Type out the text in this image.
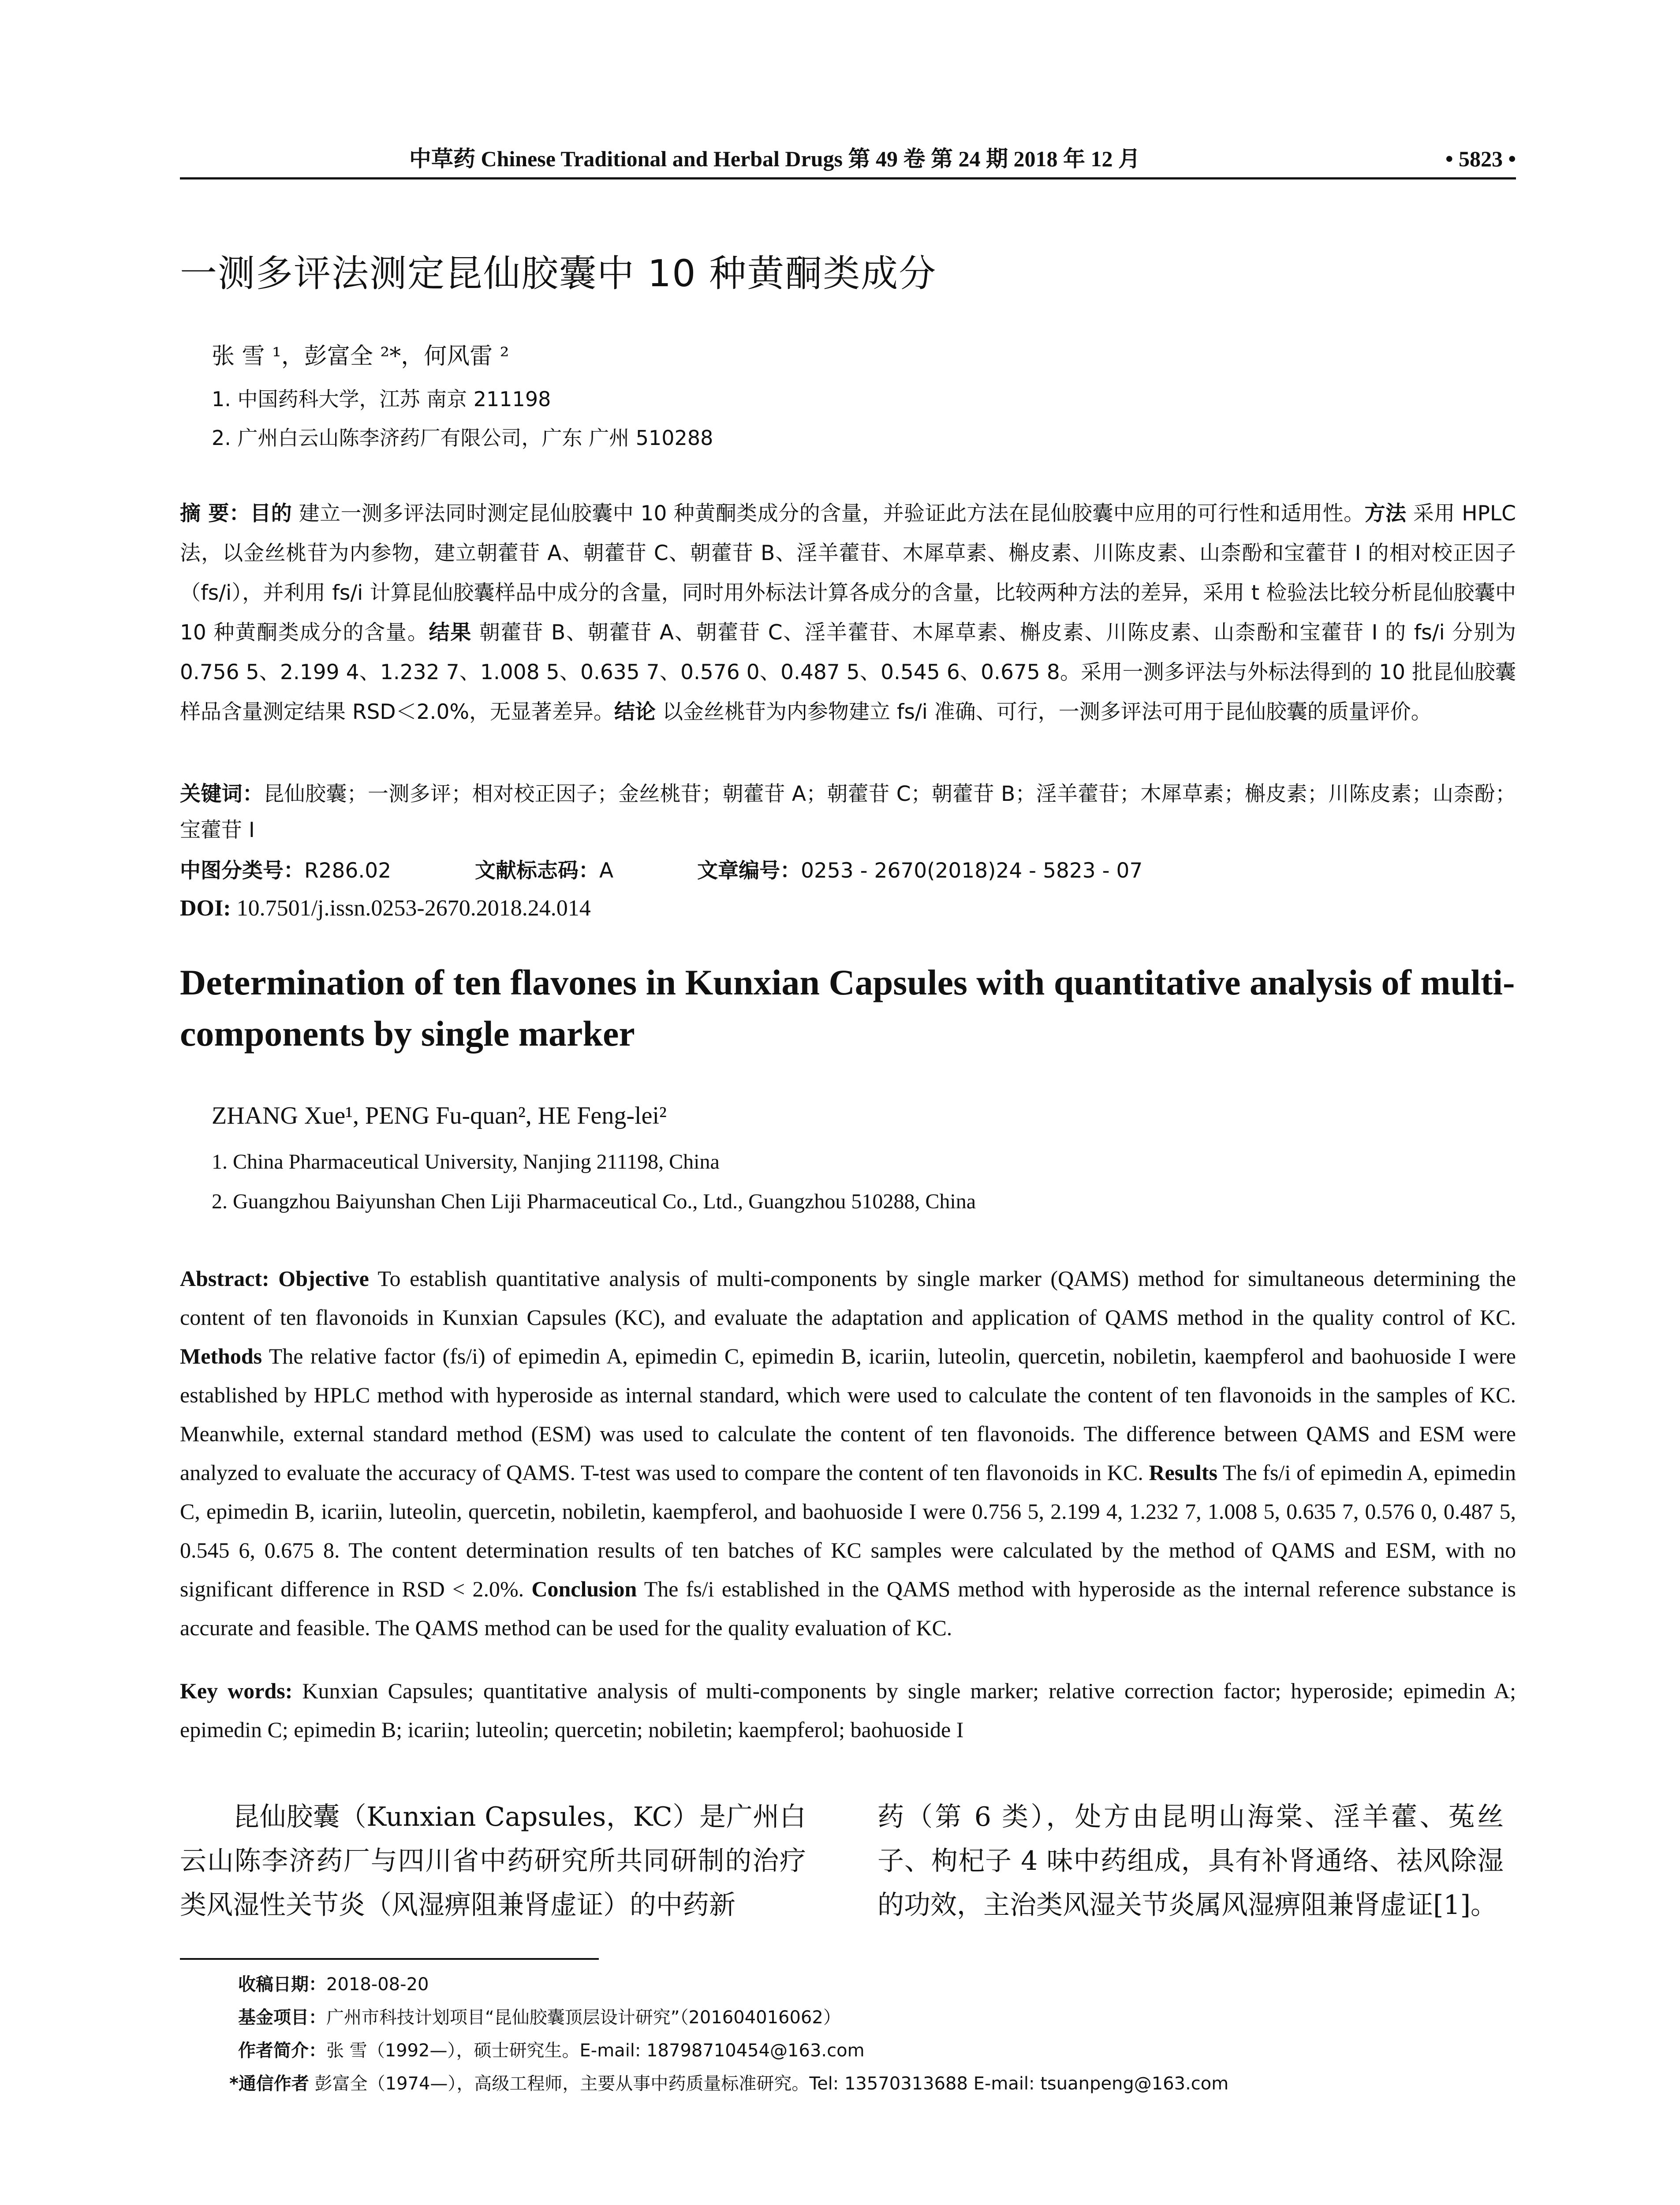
中草药 Chinese Traditional and Herbal Drugs 第 49 卷 第 24 期 2018 年 12 月	• 5823 •
一测多评法测定昆仙胶囊中 10 种黄酮类成分
张 雪 ¹，彭富全 ²*，何风雷 ²
1. 中国药科大学，江苏 南京 211198
2. 广州白云山陈李济药厂有限公司，广东 广州 510288
摘 要：目的 建立一测多评法同时测定昆仙胶囊中 10 种黄酮类成分的含量，并验证此方法在昆仙胶囊中应用的可行性和适用性。方法 采用 HPLC 法，以金丝桃苷为内参物，建立朝藿苷 A、朝藿苷 C、朝藿苷 B、淫羊藿苷、木犀草素、槲皮素、川陈皮素、山柰酚和宝藿苷 I 的相对校正因子（fs/i），并利用 fs/i 计算昆仙胶囊样品中成分的含量，同时用外标法计算各成分的含量，比较两种方法的差异，采用 t 检验法比较分析昆仙胶囊中 10 种黄酮类成分的含量。结果 朝藿苷 B、朝藿苷 A、朝藿苷 C、淫羊藿苷、木犀草素、槲皮素、川陈皮素、山柰酚和宝藿苷 I 的 fs/i 分别为 0.756 5、2.199 4、1.232 7、1.008 5、0.635 7、0.576 0、0.487 5、0.545 6、0.675 8。采用一测多评法与外标法得到的 10 批昆仙胶囊样品含量测定结果 RSD＜2.0%，无显著差异。结论 以金丝桃苷为内参物建立 fs/i 准确、可行，一测多评法可用于昆仙胶囊的质量评价。
关键词：昆仙胶囊；一测多评；相对校正因子；金丝桃苷；朝藿苷 A；朝藿苷 C；朝藿苷 B；淫羊藿苷；木犀草素；槲皮素；川陈皮素；山柰酚；宝藿苷 I
中图分类号：R286.02	文献标志码：A	文章编号：0253 - 2670(2018)24 - 5823 - 07
DOI: 10.7501/j.issn.0253-2670.2018.24.014
Determination of ten flavones in Kunxian Capsules with quantitative analysis of multi-components by single marker
ZHANG Xue¹, PENG Fu-quan², HE Feng-lei²
1. China Pharmaceutical University, Nanjing 211198, China
2. Guangzhou Baiyunshan Chen Liji Pharmaceutical Co., Ltd., Guangzhou 510288, China
Abstract: Objective To establish quantitative analysis of multi-components by single marker (QAMS) method for simultaneous determining the content of ten flavonoids in Kunxian Capsules (KC), and evaluate the adaptation and application of QAMS method in the quality control of KC. Methods The relative factor (fs/i) of epimedin A, epimedin C, epimedin B, icariin, luteolin, quercetin, nobiletin, kaempferol and baohuoside I were established by HPLC method with hyperoside as internal standard, which were used to calculate the content of ten flavonoids in the samples of KC. Meanwhile, external standard method (ESM) was used to calculate the content of ten flavonoids. The difference between QAMS and ESM were analyzed to evaluate the accuracy of QAMS. T-test was used to compare the content of ten flavonoids in KC. Results The fs/i of epimedin A, epimedin C, epimedin B, icariin, luteolin, quercetin, nobiletin, kaempferol, and baohuoside I were 0.756 5, 2.199 4, 1.232 7, 1.008 5, 0.635 7, 0.576 0, 0.487 5, 0.545 6, 0.675 8. The content determination results of ten batches of KC samples were calculated by the method of QAMS and ESM, with no significant difference in RSD < 2.0%. Conclusion The fs/i established in the QAMS method with hyperoside as the internal reference substance is accurate and feasible. The QAMS method can be used for the quality evaluation of KC.
Key words: Kunxian Capsules; quantitative analysis of multi-components by single marker; relative correction factor; hyperoside; epimedin A; epimedin C; epimedin B; icariin; luteolin; quercetin; nobiletin; kaempferol; baohuoside I
昆仙胶囊（Kunxian Capsules，KC）是广州白云山陈李济药厂与四川省中药研究所共同研制的治疗类风湿性关节炎（风湿痹阻兼肾虚证）的中药新
药（第 6 类），处方由昆明山海棠、淫羊藿、菟丝子、枸杞子 4 味中药组成，具有补肾通络、祛风除湿的功效，主治类风湿关节炎属风湿痹阻兼肾虚证[1]。
收稿日期：2018-08-20
基金项目：广州市科技计划项目“昆仙胶囊顶层设计研究”（201604016062）
作者简介：张 雪（1992—），硕士研究生。E-mail: 18798710454@163.com
*通信作者 彭富全（1974—），高级工程师，主要从事中药质量标准研究。Tel: 13570313688 E-mail: tsuanpeng@163.com
